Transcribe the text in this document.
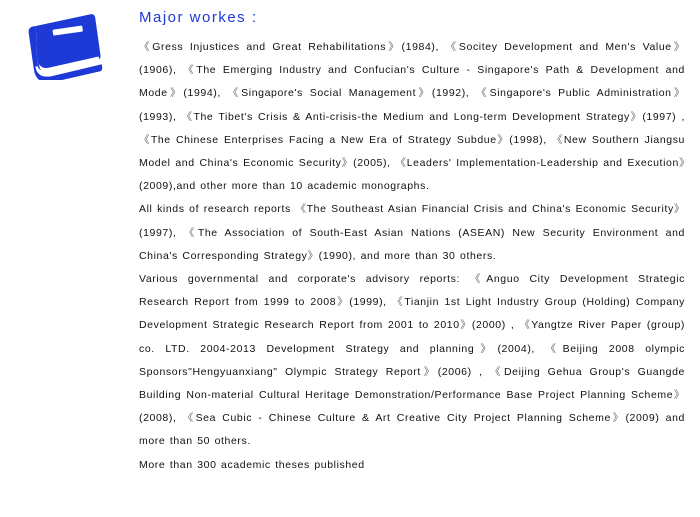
Major workes :

《Gress Injustices and Great Rehabilitations》(1984), 《Socitey Development and Men's Value》(1906), 《The Emerging Industry and Confucian's Culture - Singapore's Path & Development and Mode》(1994), 《Singapore's Social Management》(1992), 《Singapore's Public Administration》(1993), 《The Tibet's Crisis & Anti-crisis-the Medium and Long-term Development Strategy》(1997) , 《The Chinese Enterprises Facing a New Era of Strategy Subdue》(1998), 《New Southern Jiangsu Model and China's Economic Security》(2005), 《Leaders' Implementation-Leadership and Execution》(2009),and other more than 10 academic monographs.

All kinds of research reports 《The Southeast Asian Financial Crisis and China's Economic Security》(1997), 《The Association of South-East Asian Nations (ASEAN) New Security Environment and China's Corresponding Strategy》(1990), and more than 30 others.

Various governmental and corporate's advisory reports: 《Anguo City Development Strategic Research Report from 1999 to 2008》(1999), 《Tianjin 1st Light Industry Group (Holding) Company Development Strategic Research Report from 2001 to 2010》(2000) , 《Yangtze River Paper (group) co. LTD. 2004-2013 Development Strategy and planning》(2004), 《Beijing 2008 olympic Sponsors"Hengyuanxiang" Olympic Strategy Report》(2006) , 《Deijing Gehua Group's Guangde Building Non-material Cultural Heritage Demonstration/Performance Base Project Planning Scheme》(2008), 《Sea Cubic - Chinese Culture & Art Creative City Project Planning Scheme》(2009) and more than 50 others.

More than 300 academic theses published
